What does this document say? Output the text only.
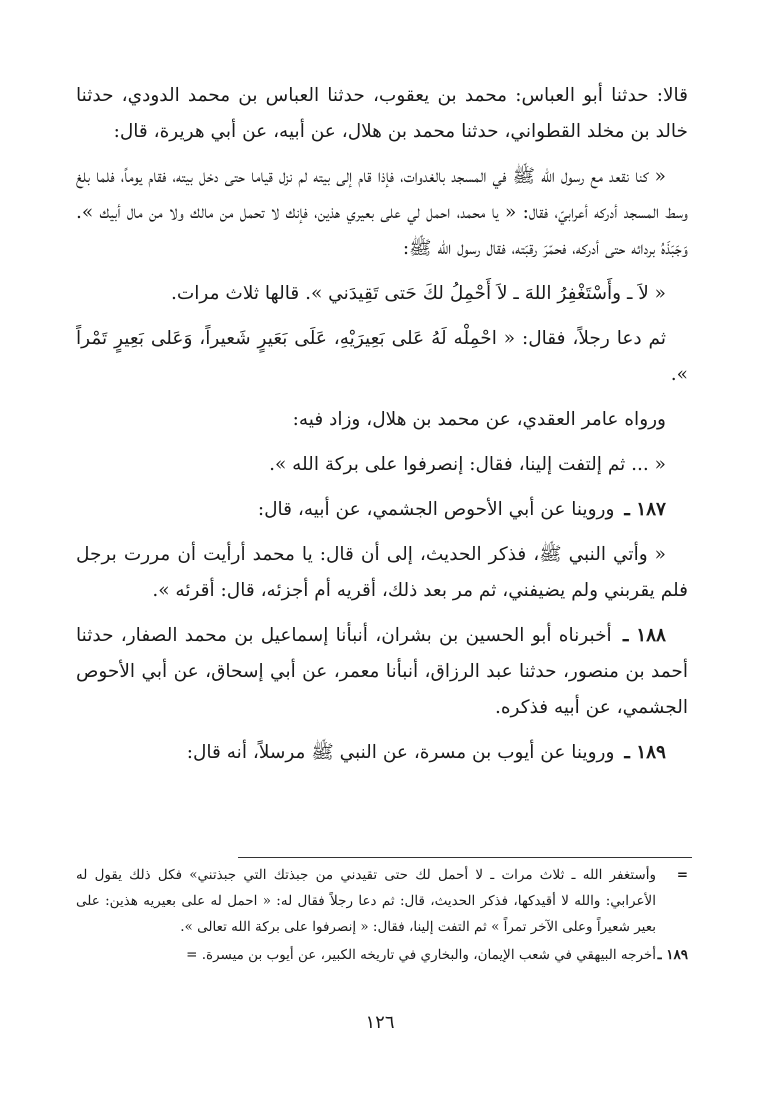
قالا: حدثنا أبو العباس: محمد بن يعقوب، حدثنا العباس بن محمد الدودي، حدثنا خالد بن مخلد القطواني، حدثنا محمد بن هلال، عن أبيه، عن أبي هريرة، قال:

« كنا نقعد مع رسول الله ﷺ في المسجد بالغدوات، فإذا قام إلى بيته لم نزل قياما حتى دخل بيته، فقام يوماً، فلما بلغ وسط المسجد أدركه أعرابيّ، فقال: « يا محمد، احمل لي على بعيري هذين، فإنك لا تحمل من مالك ولا من مال أبيك ». وَجَبَذَهُ بردائه حتى أدركه، فحمّرَ رقبَته، فقال رسول الله ﷺ:

« لاَ ـ وأَسْتَغْفِرُ اللهَ ـ لاَ أَحْمِلُ لكَ حَتى تَقِيدَني ». قالها ثلاث مرات.

ثم دعا رجلاً، فقال: « احْمِلْه لَهُ عَلى بَعِيرَيْهِ، عَلَى بَعَيرٍ شَعيراً، وَعَلى بَعِيرٍ تَمْراً ».

ورواه عامر العقدي، عن محمد بن هلال، وزاد فيه:

« ... ثم إلتفت إلينا، فقال: إنصرفوا على بركة الله ».

١٨٧ ـ وروينا عن أبي الأحوص الجشمي، عن أبيه، قال:

« وأتي النبي ﷺ، فذكر الحديث، إلى أن قال: يا محمد أرأيت أن مررت برجل فلم يقربني ولم يضيفني، ثم مر بعد ذلك، أقريه أم أجزئه، قال: أقرئه ».

١٨٨ ـ أخبرناه أبو الحسين بن بشران، أنبأنا إسماعيل بن محمد الصفار، حدثنا أحمد بن منصور، حدثنا عبد الرزاق، أنبأنا معمر، عن أبي إسحاق، عن أبي الأحوص الجشمي، عن أبيه فذكره.

١٨٩ ـ وروينا عن أيوب بن مسرة، عن النبي ﷺ مرسلاً، أنه قال:

=
وأستغفر الله ـ ثلاث مرات ـ لا أحمل لك حتى تقيدني من جبذتك التي جبذتني» فكل ذلك يقول له الأعرابي: والله لا أقيدكها، فذكر الحديث، قال: ثم دعا رجلاً فقال له: « احمل له على بعيريه هذين: على بعير شعيراً وعلى الآخر تمراً » ثم التفت إلينا، فقال: « إنصرفوا على بركة الله تعالى ».

١٨٩ ـ
أخرجه البيهقي في شعب الإيمان، والبخاري في تاريخه الكبير، عن أيوب بن ميسرة. =

١٢٦
